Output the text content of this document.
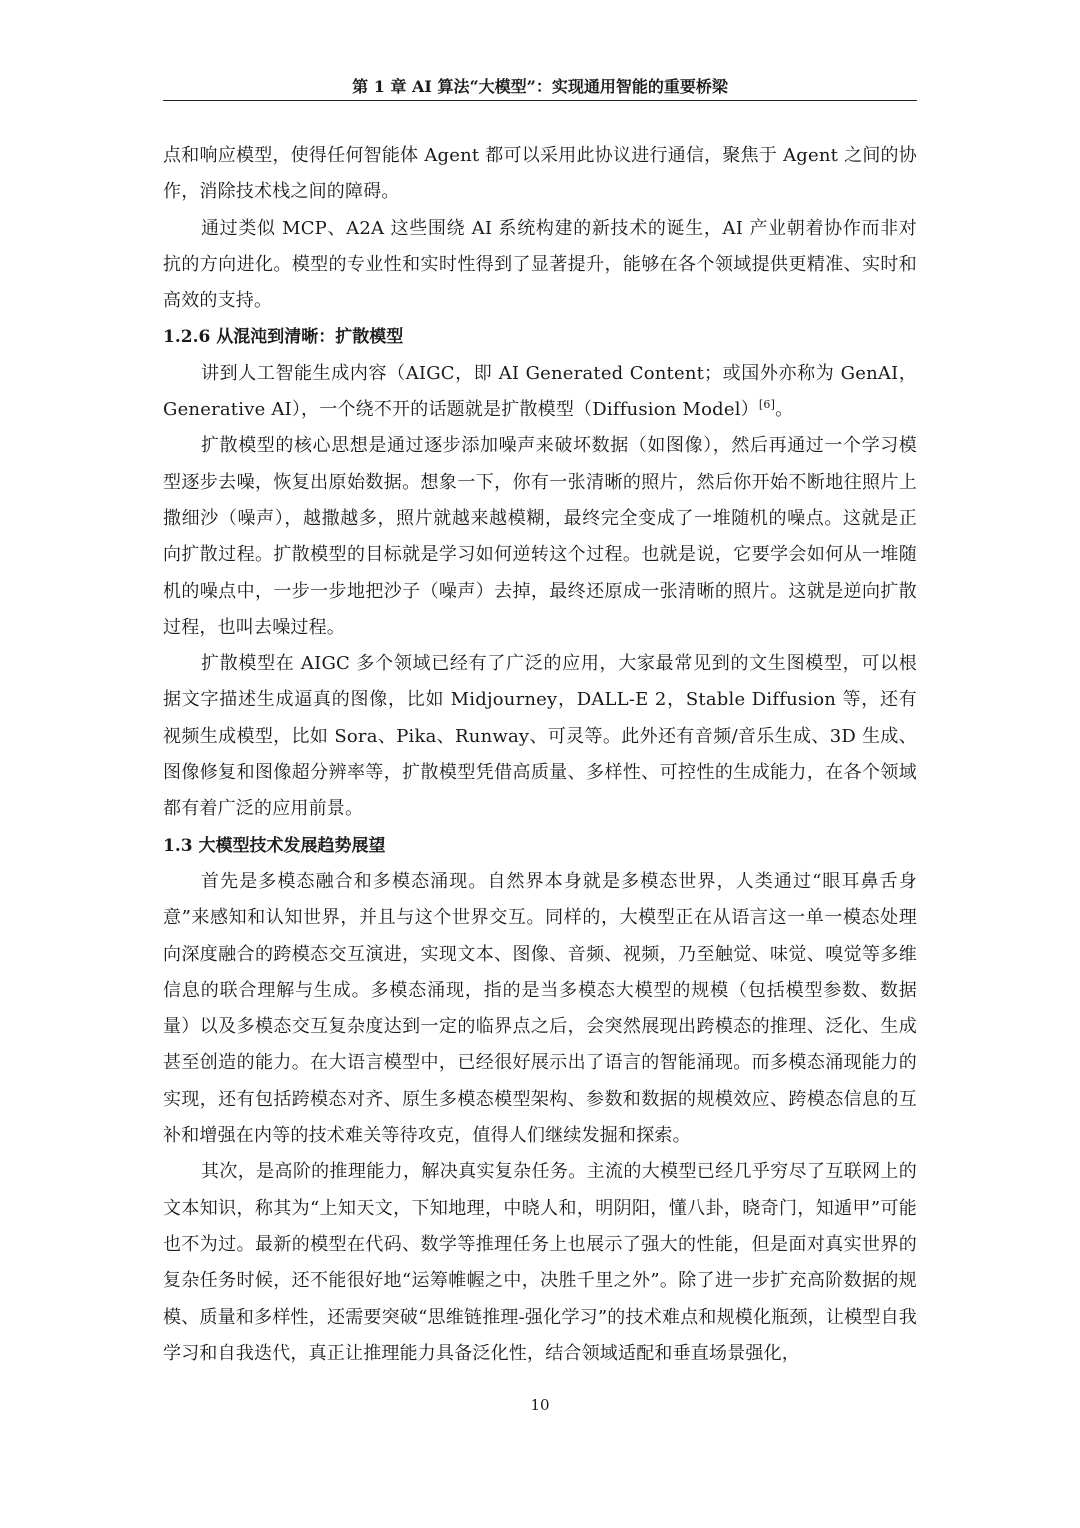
第 1 章 AI 算法“大模型”：实现通用智能的重要桥梁

点和响应模型，使得任何智能体 Agent 都可以采用此协议进行通信，聚焦于 Agent 之间的协作，消除技术栈之间的障碍。

通过类似 MCP、A2A 这些围绕 AI 系统构建的新技术的诞生，AI 产业朝着协作而非对抗的方向进化。模型的专业性和实时性得到了显著提升，能够在各个领域提供更精准、实时和高效的支持。

1.2.6 从混沌到清晰：扩散模型

讲到人工智能生成内容（AIGC，即 AI Generated Content；或国外亦称为 GenAI，Generative AI），一个绕不开的话题就是扩散模型（Diffusion Model）[6]。

扩散模型的核心思想是通过逐步添加噪声来破坏数据（如图像），然后再通过一个学习模型逐步去噪，恢复出原始数据。想象一下，你有一张清晰的照片，然后你开始不断地往照片上撒细沙（噪声），越撒越多，照片就越来越模糊，最终完全变成了一堆随机的噪点。这就是正向扩散过程。扩散模型的目标就是学习如何逆转这个过程。也就是说，它要学会如何从一堆随机的噪点中，一步一步地把沙子（噪声）去掉，最终还原成一张清晰的照片。这就是逆向扩散过程，也叫去噪过程。

扩散模型在 AIGC 多个领域已经有了广泛的应用，大家最常见到的文生图模型，可以根据文字描述生成逼真的图像，比如 Midjourney，DALL-E 2，Stable Diffusion 等，还有视频生成模型，比如 Sora、Pika、Runway、可灵等。此外还有音频/音乐生成、3D 生成、图像修复和图像超分辨率等，扩散模型凭借高质量、多样性、可控性的生成能力，在各个领域都有着广泛的应用前景。

1.3 大模型技术发展趋势展望

首先是多模态融合和多模态涌现。自然界本身就是多模态世界，人类通过“眼耳鼻舌身意”来感知和认知世界，并且与这个世界交互。同样的，大模型正在从语言这一单一模态处理向深度融合的跨模态交互演进，实现文本、图像、音频、视频，乃至触觉、味觉、嗅觉等多维信息的联合理解与生成。多模态涌现，指的是当多模态大模型的规模（包括模型参数、数据量）以及多模态交互复杂度达到一定的临界点之后，会突然展现出跨模态的推理、泛化、生成甚至创造的能力。在大语言模型中，已经很好展示出了语言的智能涌现。而多模态涌现能力的实现，还有包括跨模态对齐、原生多模态模型架构、参数和数据的规模效应、跨模态信息的互补和增强在内等的技术难关等待攻克，值得人们继续发掘和探索。

其次，是高阶的推理能力，解决真实复杂任务。主流的大模型已经几乎穷尽了互联网上的文本知识，称其为“上知天文，下知地理，中晓人和，明阴阳，懂八卦，晓奇门，知遁甲”可能也不为过。最新的模型在代码、数学等推理任务上也展示了强大的性能，但是面对真实世界的复杂任务时候，还不能很好地“运筹帷幄之中，决胜千里之外”。除了进一步扩充高阶数据的规模、质量和多样性，还需要突破“思维链推理-强化学习”的技术难点和规模化瓶颈，让模型自我学习和自我迭代，真正让推理能力具备泛化性，结合领域适配和垂直场景强化，

10
